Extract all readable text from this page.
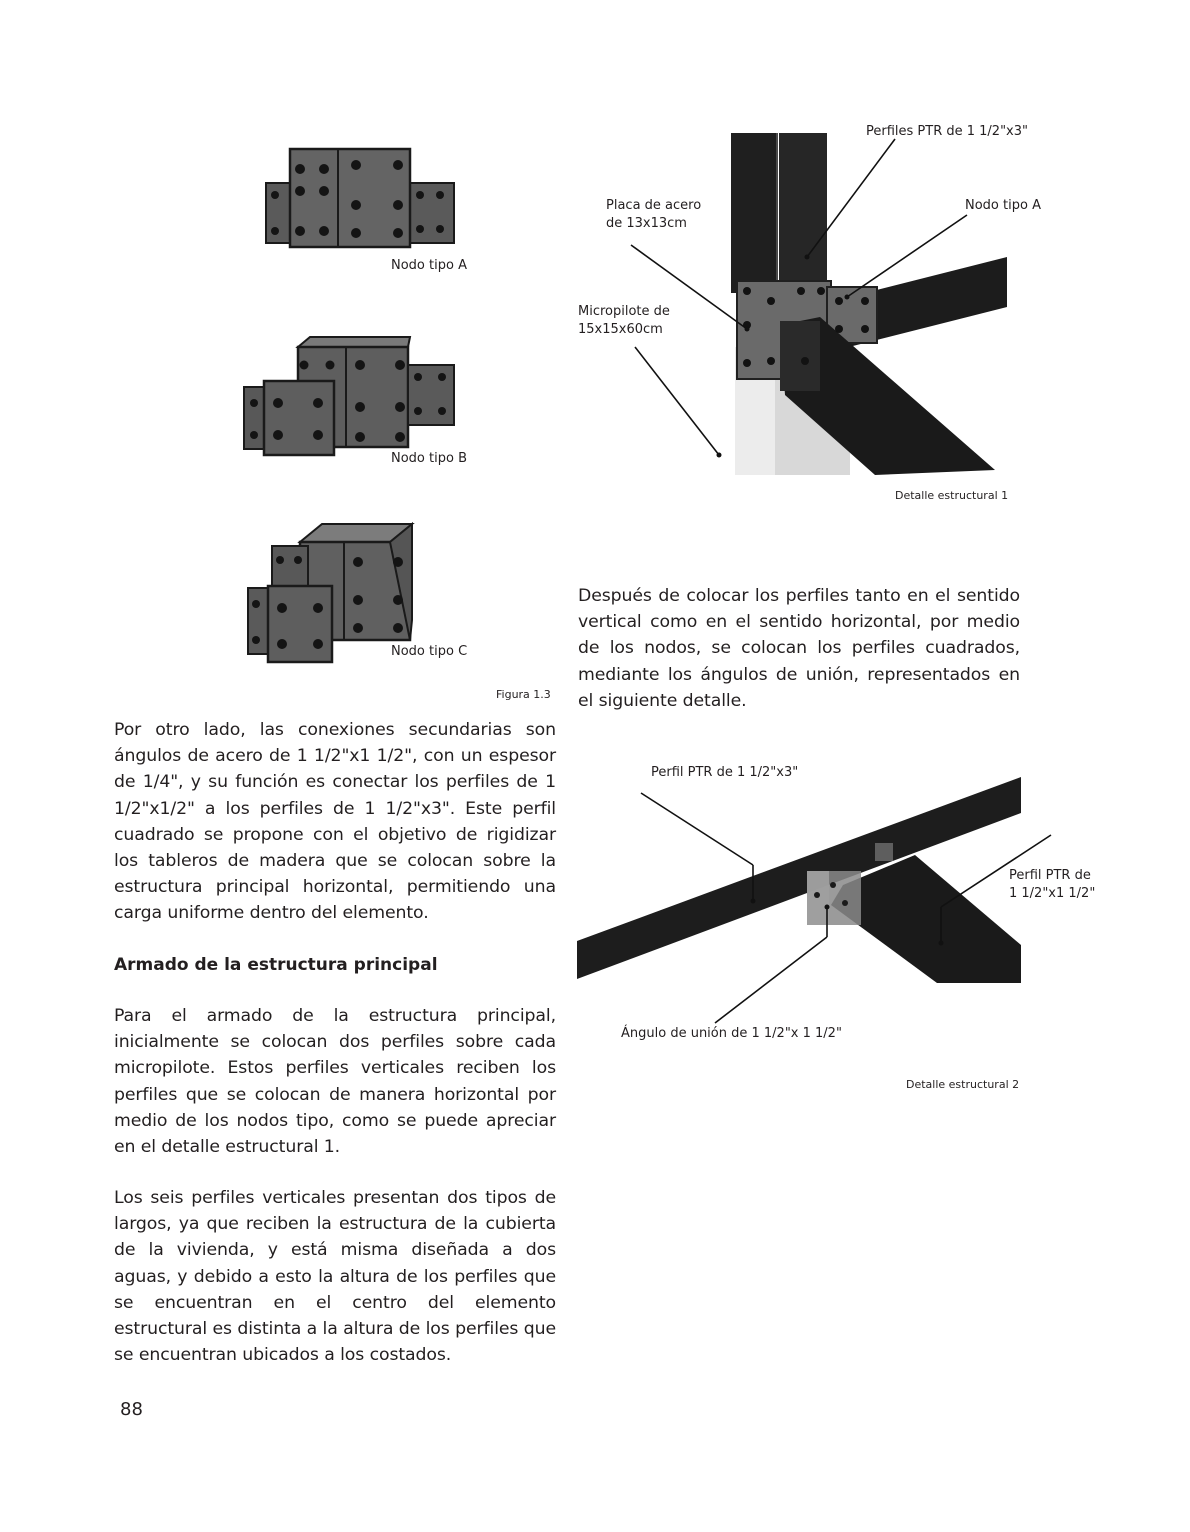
Nodo tipo A
Nodo tipo B
Nodo tipo C
Figura 1.3
Perfiles PTR de 1 1/2"x3"
Placa de acero
de 13x13cm
Nodo tipo A
Micropilote de
15x15x60cm
Detalle estructural 1
Después de colocar los perfiles tanto en el sentido vertical como en el sentido horizontal, por medio de los nodos, se colocan los perfiles cuadrados, mediante los ángulos de unión, representados en el siguiente detalle.
Perfil PTR de 1 1/2"x3"
Perfil PTR de
1 1/2"x1 1/2"
Ángulo de unión de 1 1/2"x 1 1/2"
Detalle estructural 2
Por otro lado, las conexiones secundarias son ángulos de acero de 1 1/2"x1 1/2", con un espesor de 1/4", y su función es conectar los perfiles de 1 1/2"x1/2" a los perfiles de 1 1/2"x3". Este perfil cuadrado se propone con el objetivo de rigidizar los tableros de madera que se colocan sobre la estructura principal horizontal, permitiendo una carga uniforme dentro del elemento.
Armado de la estructura principal
Para el armado de la estructura principal, inicialmente se colocan dos perfiles sobre cada micropilote. Estos perfiles verticales reciben los perfiles que se colocan de manera horizontal por medio de los nodos tipo, como se puede apreciar en el detalle estructural 1.
Los seis perfiles verticales presentan dos tipos de largos, ya que reciben la estructura de la cubierta de la vivienda, y está misma diseñada a dos aguas, y debido a esto la altura de los perfiles que se encuentran en el centro del elemento estructural es distinta a la altura de los perfiles que se encuentran ubicados a los costados.
88
